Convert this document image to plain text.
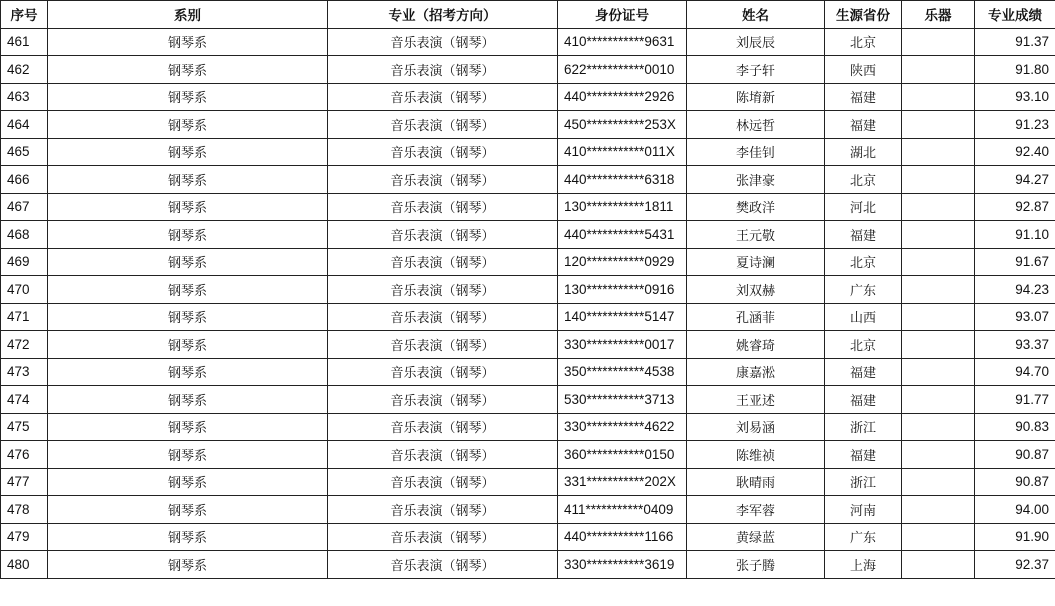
序号	系别	专业（招考方向）	身份证号	姓名	生源省份	乐器	专业成绩
461	钢琴系	音乐表演（钢琴）	410***********9631	刘辰辰	北京		91.37
462	钢琴系	音乐表演（钢琴）	622***********0010	李子轩	陕西		91.80
463	钢琴系	音乐表演（钢琴）	440***********2926	陈堉新	福建		93.10
464	钢琴系	音乐表演（钢琴）	450***********253X	林远哲	福建		91.23
465	钢琴系	音乐表演（钢琴）	410***********011X	李佳钊	湖北		92.40
466	钢琴系	音乐表演（钢琴）	440***********6318	张津豪	北京		94.27
467	钢琴系	音乐表演（钢琴）	130***********1811	樊政洋	河北		92.87
468	钢琴系	音乐表演（钢琴）	440***********5431	王元敬	福建		91.10
469	钢琴系	音乐表演（钢琴）	120***********0929	夏诗澜	北京		91.67
470	钢琴系	音乐表演（钢琴）	130***********0916	刘双赫	广东		94.23
471	钢琴系	音乐表演（钢琴）	140***********5147	孔涵菲	山西		93.07
472	钢琴系	音乐表演（钢琴）	330***********0017	姚睿琦	北京		93.37
473	钢琴系	音乐表演（钢琴）	350***********4538	康嘉淞	福建		94.70
474	钢琴系	音乐表演（钢琴）	530***********3713	王亚述	福建		91.77
475	钢琴系	音乐表演（钢琴）	330***********4622	刘易涵	浙江		90.83
476	钢琴系	音乐表演（钢琴）	360***********0150	陈维祯	福建		90.87
477	钢琴系	音乐表演（钢琴）	331***********202X	耿晴雨	浙江		90.87
478	钢琴系	音乐表演（钢琴）	411***********0409	李军蓉	河南		94.00
479	钢琴系	音乐表演（钢琴）	440***********1166	黄绿蓝	广东		91.90
480	钢琴系	音乐表演（钢琴）	330***********3619	张子腾	上海		92.37
